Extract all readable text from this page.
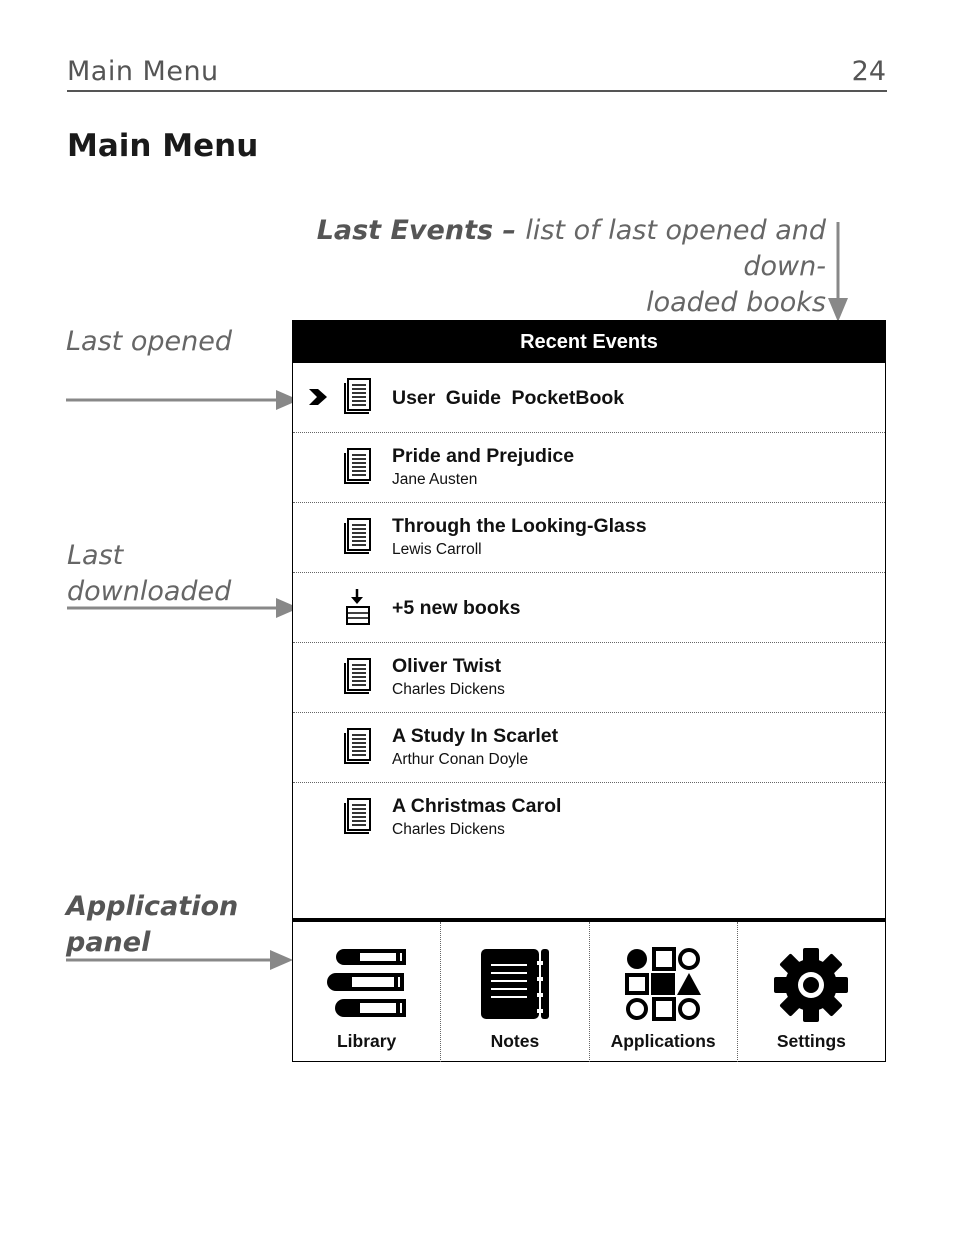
Main Menu	24
Main Menu
Last Events – list of last opened and down-
loaded books
Last opened
Last
downloaded
Application
panel
Recent Events
User Guide PocketBook
Pride and Prejudice
Jane Austen
Through the Looking-Glass
Lewis Carroll
+5 new books
Oliver Twist
Charles Dickens
A Study In Scarlet
Arthur Conan Doyle
A Christmas Carol
Charles Dickens
Library	Notes	Applications	Settings
